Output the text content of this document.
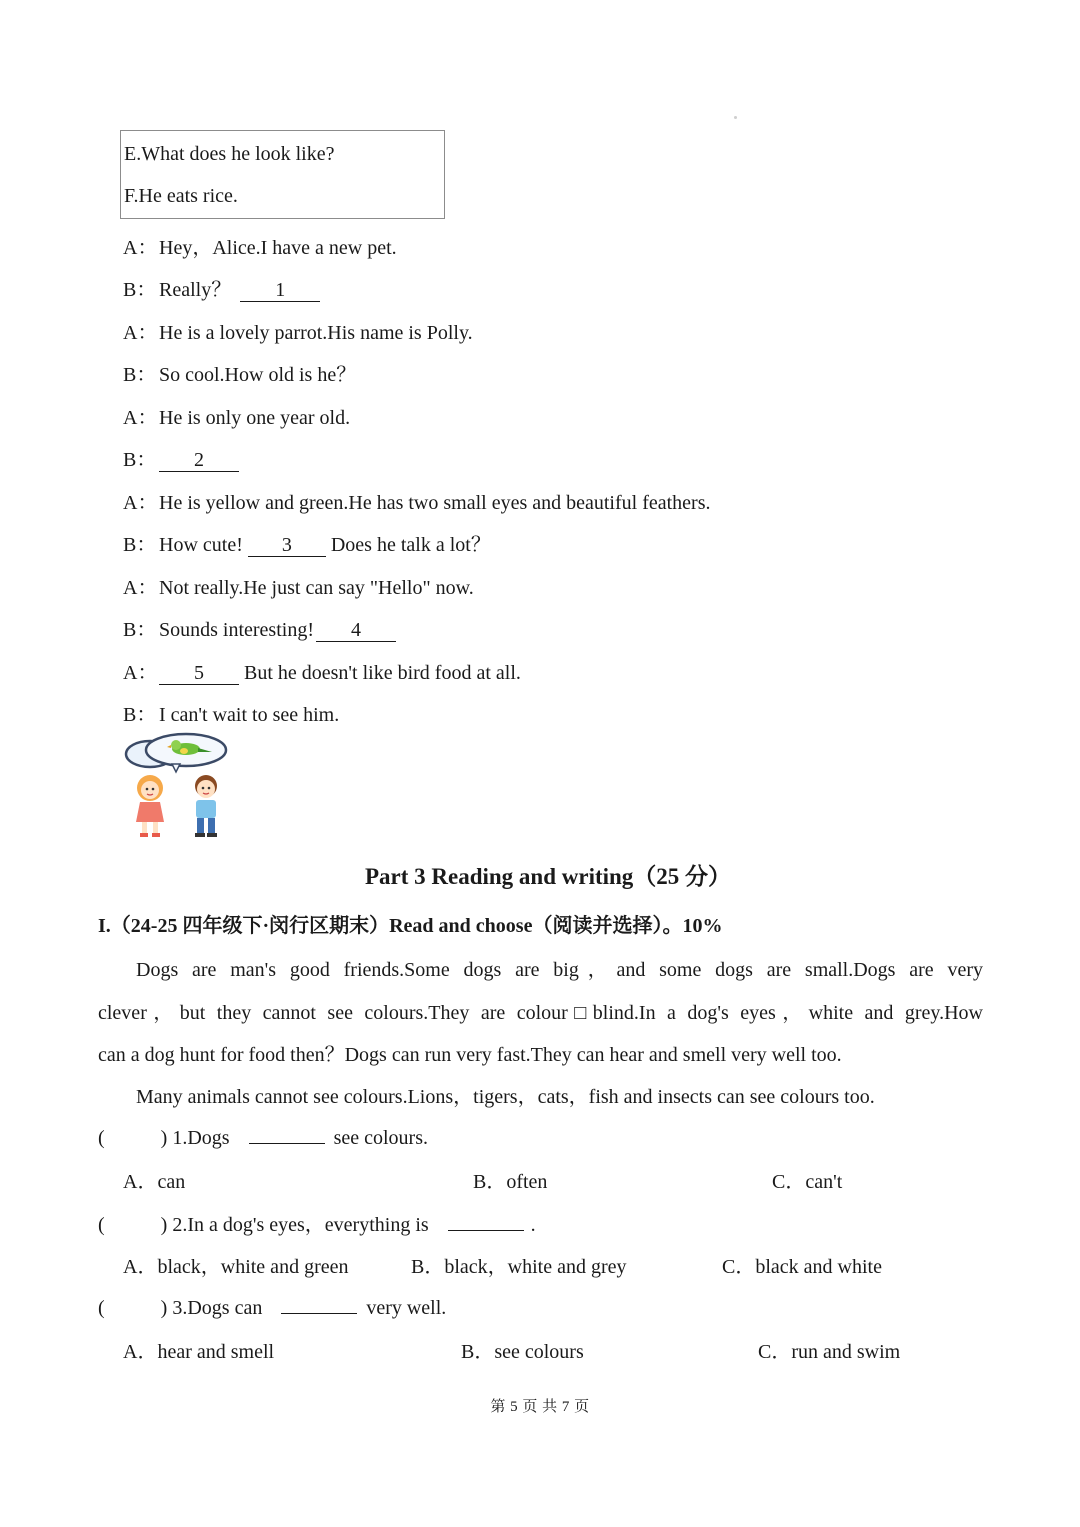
E.What does he look like?
F.He eats rice.
A：Hey，Alice.I have a new pet.
B： Really？ 1
A：He is a lovely parrot.His name is Polly.
B： So cool.How old is he？
A：He is only one year old.
B： 2
A：He is yellow and green.He has two small eyes and beautiful feathers.
B： How cute! 3 Does he talk a lot？
A：Not really.He just can say "Hello" now.
B： Sounds interesting! 4
A： 5 But he doesn't like bird food at all.
B： I can't wait to see him.
Part 3 Reading and writing（25 分）
I.（24-25 四年级下·闵行区期末）Read and choose（阅读并选择）。10%
Dogs are man's good friends.Some dogs are big，and some dogs are small.Dogs are very
clever，but they cannot see colours.They are colour□blind.In a dog's eyes，white and grey.How
can a dog hunt for food then？Dogs can run very fast.They can hear and smell very well too.
Many animals cannot see colours.Lions，tigers，cats，fish and insects can see colours too.
(	) 1.Dogs	see colours.
A．can	B．often	C．can't
(	) 2.In a dog's eyes，everything is	.
A．black，white and green	B．black，white and grey	C．black and white
(	) 3.Dogs can	very well.
A．hear and smell	B．see colours	C．run and swim
第 5 页 共 7 页
